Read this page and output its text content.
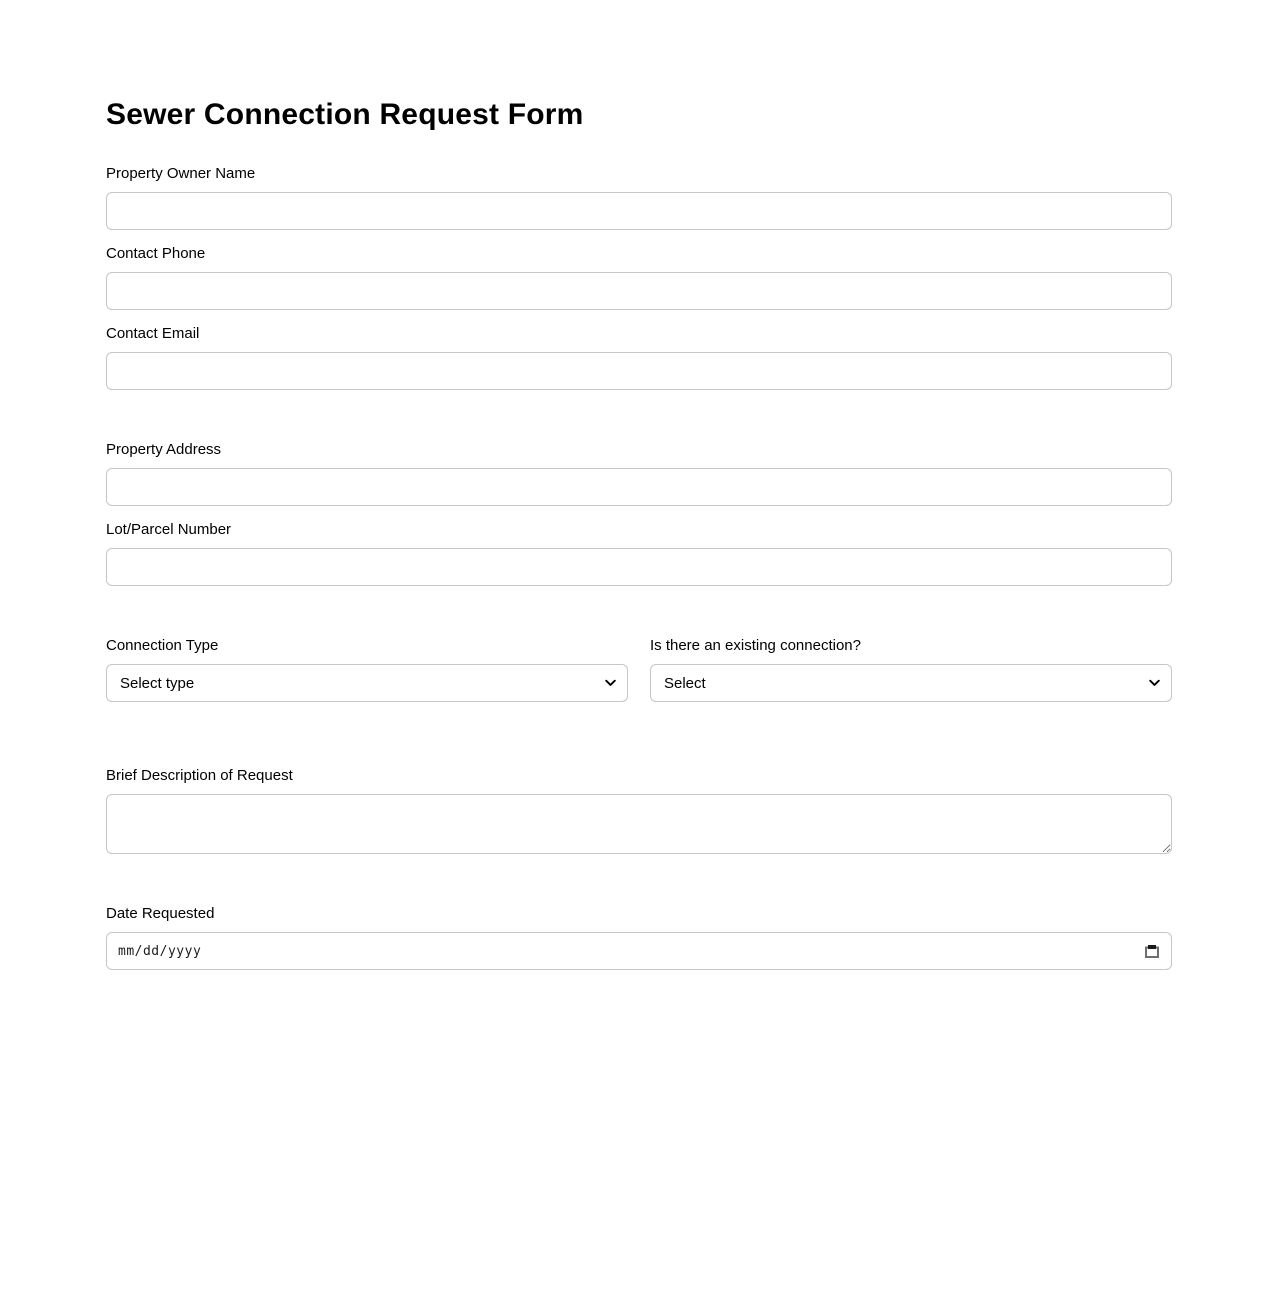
Sewer Connection Request Form
Property Owner Name
Contact Phone
Contact Email
Property Address
Lot/Parcel Number
Connection Type
Select type	Is there an existing connection?
Select
Brief Description of Request
Date Requested
mm/dd/yyyy
